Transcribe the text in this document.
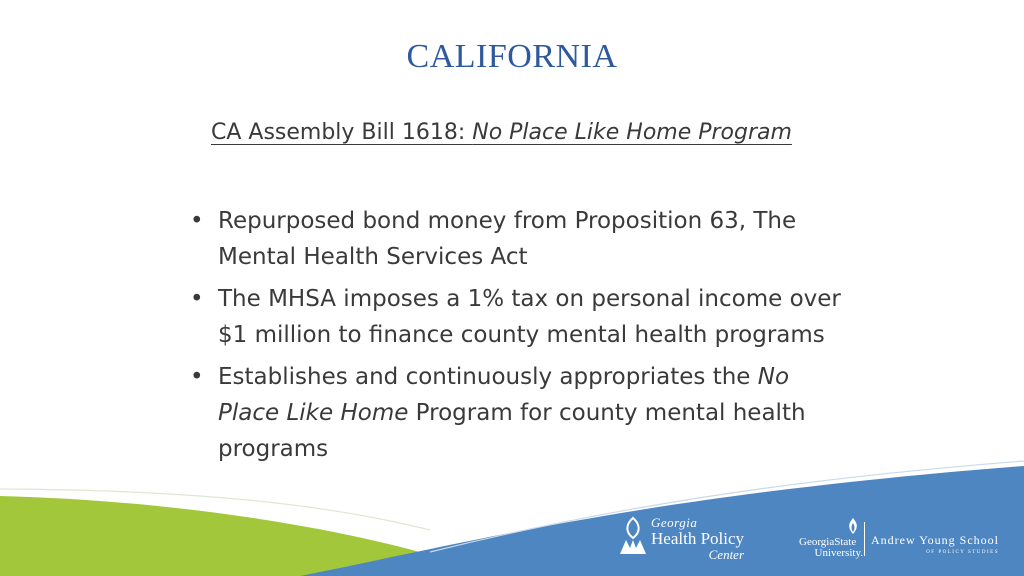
CALIFORNIA
CA Assembly Bill 1618: No Place Like Home Program
• Repurposed bond money from Proposition 63, The Mental Health Services Act
• The MHSA imposes a 1% tax on personal income over $1 million to finance county mental health programs
• Establishes and continuously appropriates the No Place Like Home Program for county mental health programs
Georgia
Health Policy
Center
GeorgiaState
University.
Andrew Young School
OF POLICY STUDIES
